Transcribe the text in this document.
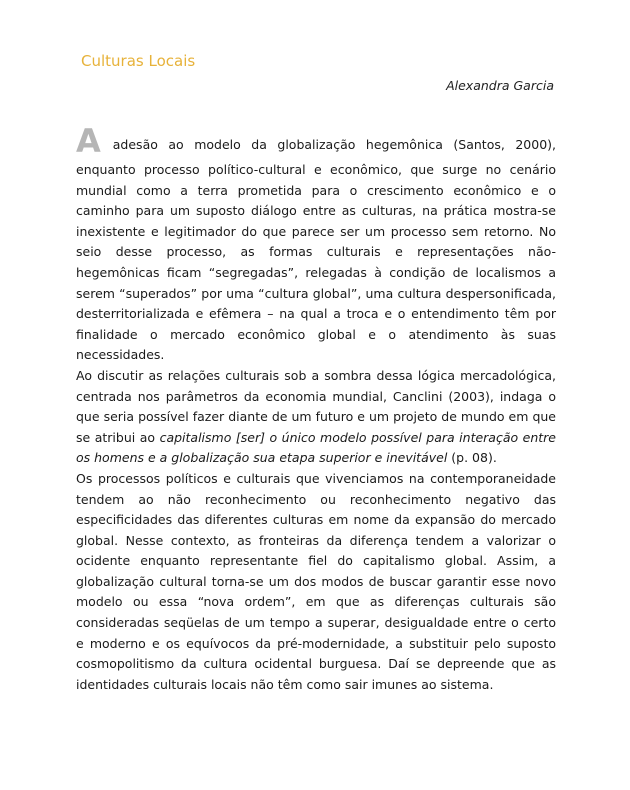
Culturas Locais
Alexandra Garcia
A adesão ao modelo da globalização hegemônica (Santos, 2000),

enquanto processo político-cultural e econômico, que surge no cenário mundial como a terra prometida para o crescimento econômico e o caminho para um suposto diálogo entre as culturas, na prática mostra-se inexistente e legitimador do que parece ser um processo sem retorno. No seio desse processo, as formas culturais e representações não-hegemônicas ficam “segregadas”, relegadas à condição de localismos a serem “superados” por uma “cultura global”, uma cultura despersonificada, desterritorializada e efêmera – na qual a troca e o entendimento têm por finalidade o mercado econômico global e o atendimento às suas necessidades.

Ao discutir as relações culturais sob a sombra dessa lógica mercadológica, centrada nos parâmetros da economia mundial, Canclini (2003), indaga o que seria possível fazer diante de um futuro e um projeto de mundo em que se atribui ao capitalismo [ser] o único modelo possível para interação entre os homens e a globalização sua etapa superior e inevitável (p. 08).

Os processos políticos e culturais que vivenciamos na contemporaneidade tendem ao não reconhecimento ou reconhecimento negativo das especificidades das diferentes culturas em nome da expansão do mercado global. Nesse contexto, as fronteiras da diferença tendem a valorizar o ocidente enquanto representante fiel do capitalismo global. Assim, a globalização cultural torna-se um dos modos de buscar garantir esse novo modelo ou essa “nova ordem”, em que as diferenças culturais são consideradas seqüelas de um tempo a superar, desigualdade entre o certo e moderno e os equívocos da pré-modernidade, a substituir pelo suposto cosmopolitismo da cultura ocidental burguesa. Daí se depreende que as identidades culturais locais não têm como sair imunes ao sistema.
